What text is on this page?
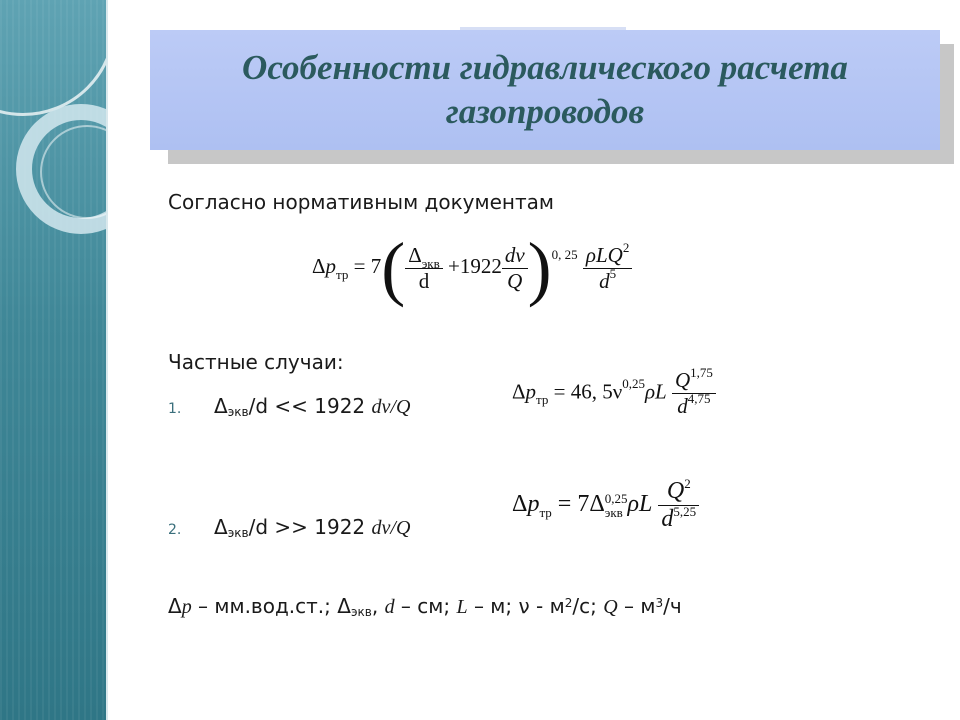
Особенности гидравлического расчета
газопроводов
Согласно нормативным документам
$\Delta p_{тр} = 7( \frac{\Delta_{экв}}{d} +1922 \frac{d\nu}{Q} )^{0, 25} \frac{\rho LQ^2}{d^5}$
Частные случаи:
1.	$\Delta_{экв}/d << 1922$ dν/Q
$\Delta p_{тр} = 46$, $5\nu^{0,25}\rho L \frac{Q^{1,75}}{d^{4,75}}$
2.	$\Delta_{экв}/d >> 1922$ dν/Q
$\Delta p_{тр} = 7\Delta$ 0,25
экв ρL $\frac{Q^2}{d^{5,25}}$
Δp – мм.вод.ст.; $\Delta_{экв}$, d – см; L – м; ν - $м^2/с$; Q – $м^3/ч$
